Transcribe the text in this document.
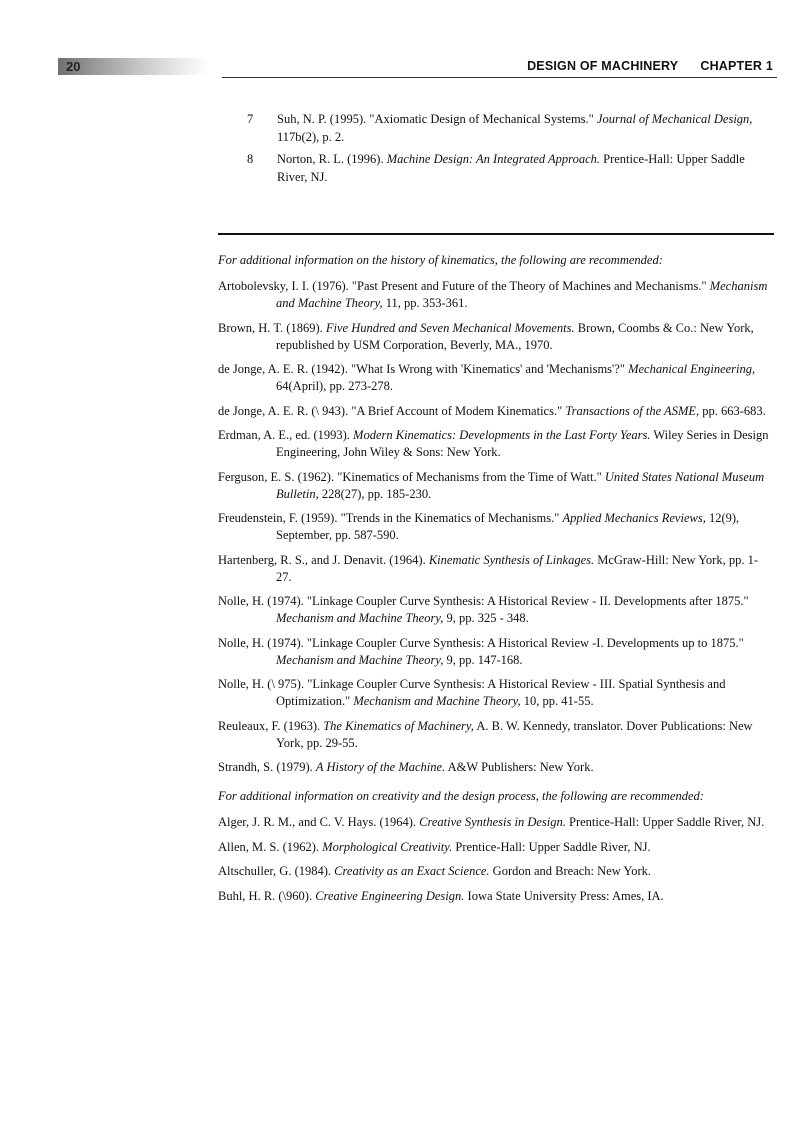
20	DESIGN OF MACHINERY CHAPTER 1
7	Suh, N. P. (1995). "Axiomatic Design of Mechanical Systems." Journal of Mechanical Design, 117b(2), p. 2.
8	Norton, R. L. (1996). Machine Design: An Integrated Approach. Prentice-Hall: Upper Saddle River, NJ.

For additional information on the history of kinematics, the following are recommended:

Artobolevsky, I. I. (1976). "Past Present and Future of the Theory of Machines and Mechanisms." Mechanism and Machine Theory, 11, pp. 353-361.

Brown, H. T. (1869). Five Hundred and Seven Mechanical Movements. Brown, Coombs & Co.: New York, republished by USM Corporation, Beverly, MA., 1970.

de Jonge, A. E. R. (1942). "What Is Wrong with 'Kinematics' and 'Mechanisms'?" Mechanical Engineering, 64(April), pp. 273-278.

de Jonge, A. E. R. (\ 943). "A Brief Account of Modem Kinematics." Transactions of the ASME, pp. 663-683.

Erdman, A. E., ed. (1993). Modern Kinematics: Developments in the Last Forty Years. Wiley Series in Design Engineering, John Wiley & Sons: New York.

Ferguson, E. S. (1962). "Kinematics of Mechanisms from the Time of Watt." United States National Museum Bulletin, 228(27), pp. 185-230.

Freudenstein, F. (1959). "Trends in the Kinematics of Mechanisms." Applied Mechanics Reviews, 12(9), September, pp. 587-590.

Hartenberg, R. S., and J. Denavit. (1964). Kinematic Synthesis of Linkages. McGraw-Hill: New York, pp. 1-27.

Nolle, H. (1974). "Linkage Coupler Curve Synthesis: A Historical Review - II. Developments after 1875." Mechanism and Machine Theory, 9, pp. 325 - 348.

Nolle, H. (1974). "Linkage Coupler Curve Synthesis: A Historical Review -I. Developments up to 1875." Mechanism and Machine Theory, 9, pp. 147-168.

Nolle, H. (\ 975). "Linkage Coupler Curve Synthesis: A Historical Review - III. Spatial Synthesis and Optimization." Mechanism and Machine Theory, 10, pp. 41-55.

Reuleaux, F. (1963). The Kinematics of Machinery, A. B. W. Kennedy, translator. Dover Publications: New York, pp. 29-55.

Strandh, S. (1979). A History of the Machine. A&W Publishers: New York.

For additional information on creativity and the design process, the following are recommended:

Alger, J. R. M., and C. V. Hays. (1964). Creative Synthesis in Design. Prentice-Hall: Upper Saddle River, NJ.

Allen, M. S. (1962). Morphological Creativity. Prentice-Hall: Upper Saddle River, NJ.

Altschuller, G. (1984). Creativity as an Exact Science. Gordon and Breach: New York.

Buhl, H. R. (\960). Creative Engineering Design. Iowa State University Press: Ames, IA.
